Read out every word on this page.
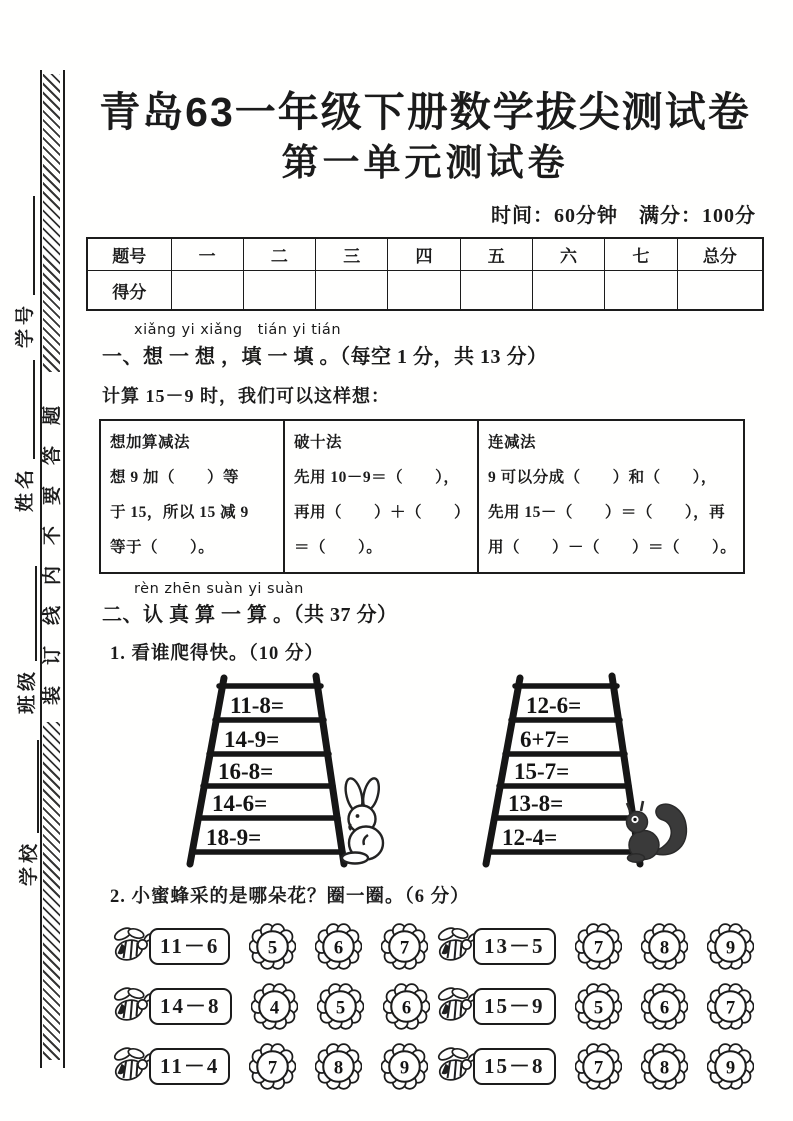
学号
姓名
班级
学校
装订线内不要答题
青岛63一年级下册数学拔尖测试卷
第一单元测试卷
时间：60分钟　满分：100分
题号	一	二	三	四	五	六	七	总分
得分								
xiǎng yi xiǎng　tián yi tián
一、想 一 想 ，填 一 填 。（每空 1 分，共 13 分）
计算 15－9 时，我们可以这样想：
想加算减法
想 9 加（　　）等
于 15，所以 15 减 9
等于（　　）。

破十法
先用 10－9＝（　　），
再用（　　）＋（　　）
＝（　　）。

连减法
9 可以分成（　　）和（　　），
先用 15－（　　）＝（　　），再
用（　　）－（　　）＝（　　）。
rèn zhēn suàn yi suàn
二、认 真 算 一 算 。（共 37 分）
1. 看谁爬得快。（10 分）
11-8=
14-9=
16-8=
14-6=
18-9=
12-6=
6+7=
15-7=
13-8=
12-4=
2. 小蜜蜂采的是哪朵花？圈一圈。（6 分）
11－6	5	6	7	13－5	7	8	9
14－8	4	5	6	15－9	5	6	7
11－4	7	8	9	15－8	7	8	9
